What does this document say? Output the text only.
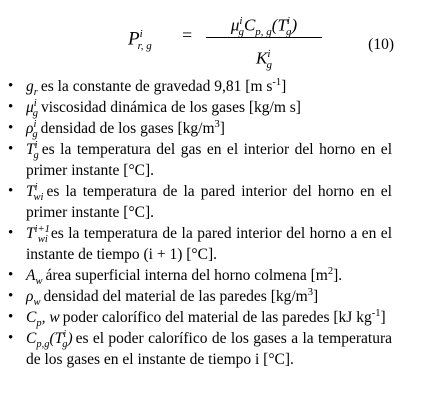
$P^i_{r, g}$
=	$\mu^i_gC_{p, g}(T^i_g)$
$K^i_g$
(10)
• $g_r$ es la constante de gravedad 9,81 [m $s^{-1}$]
• $\mu^i_g$ viscosidad dinámica de los gases [kg/m s]
• $\rho^i_g$ densidad de los gases $[kg/m^3]$
• $T^i_g$ es la temperatura del gas en el interior del horno en el primer instante [°C].
• $T^i_{wi}$ es la temperatura de la pared interior del horno en el primer instante [°C].
• $T^{i+1}_{wi}$ es la temperatura de la pared interior del horno a en el instante de tiempo (i + 1) [°C].
• $A_w$ área superficial interna del horno colmena $[m^2]$.
• $\rho_w$ densidad del material de las paredes $[kg/m^3]$
• $C_p$, w poder calorífico del material de las paredes [kJ $kg^{-1}$]
• $C_{p,g}(T^i_g)$ es el poder calorífico de los gases a la temperatura de los gases en el instante de tiempo i [°C].
